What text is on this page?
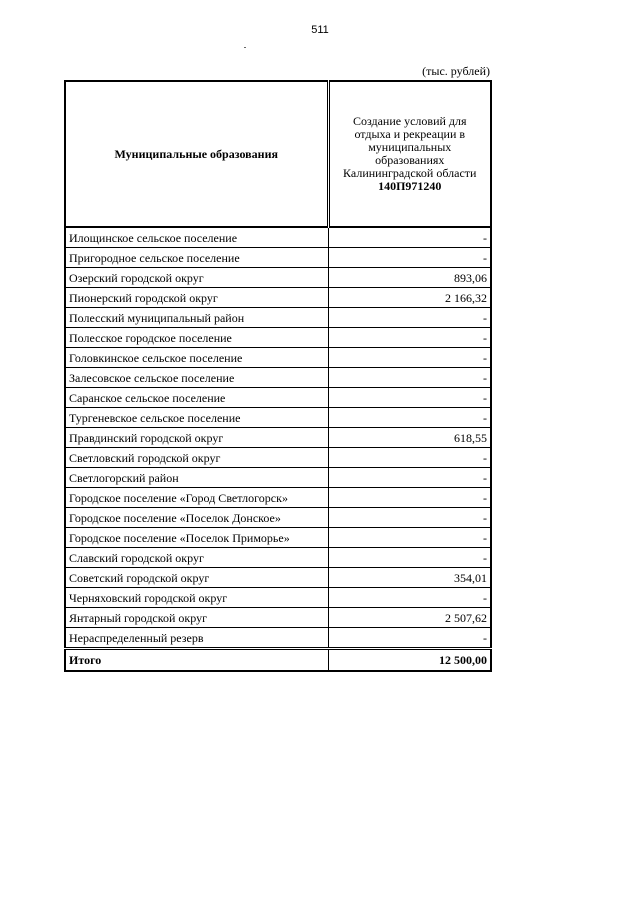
511
(тыс. рублей)
Муниципальные образования	Создание условий для отдыха и рекреации в муниципальных образованиях Калининградской области
140П971240

Илощинское сельское поселение	-
Пригородное сельское поселение	-
Озерский городской округ	893,06
Пионерский городской округ	2 166,32
Полесский муниципальный район	-
Полесское городское поселение	-
Головкинское сельское поселение	-
Залесовское сельское поселение	-
Саранское сельское поселение	-
Тургеневское сельское поселение	-
Правдинский городской округ	618,55
Светловский городской округ	-
Светлогорский район	-
Городское поселение «Город Светлогорск»	-
Городское поселение «Поселок Донское»	-
Городское поселение «Поселок Приморье»	-
Славский городской округ	-
Советский городской округ	354,01
Черняховский городской округ	-
Янтарный городской округ	2 507,62
Нераспределенный резерв	-
Итого	12 500,00
